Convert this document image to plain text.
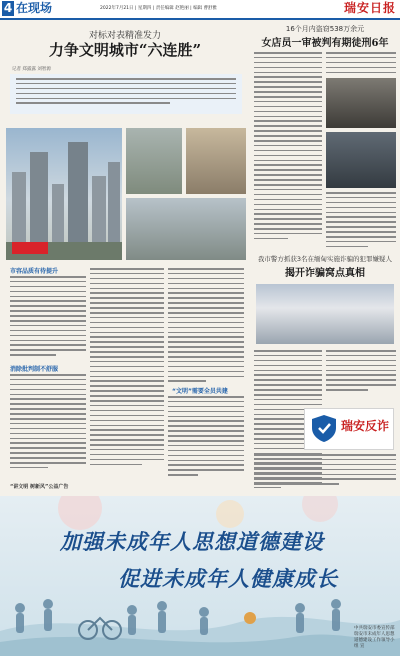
4 在现场	2022年7月21日 | 星期四 | 责任编辑 赵艳丽 | 编辑 曹舒雅	瑞安日报
对标对表精准发力
力争文明城市“六连胜”
记者 郑露露 刘智源
市容品质有待提升
消除批判制不舒服
“文明”需要全员共建
“讲文明 树新风”公益广告
16个月内盗窃538万余元
女店员一审被判有期徒刑6年
我市警方抓获3名在缅甸实施诈骗的犯罪嫌疑人
揭开诈骗窝点真相
瑞安反诈
加强未成年人思想道德建设
促进未成年人健康成长
中共瑞安市委宣传部 瑞安市未成年人思想道德建设工作领导小组 宣
